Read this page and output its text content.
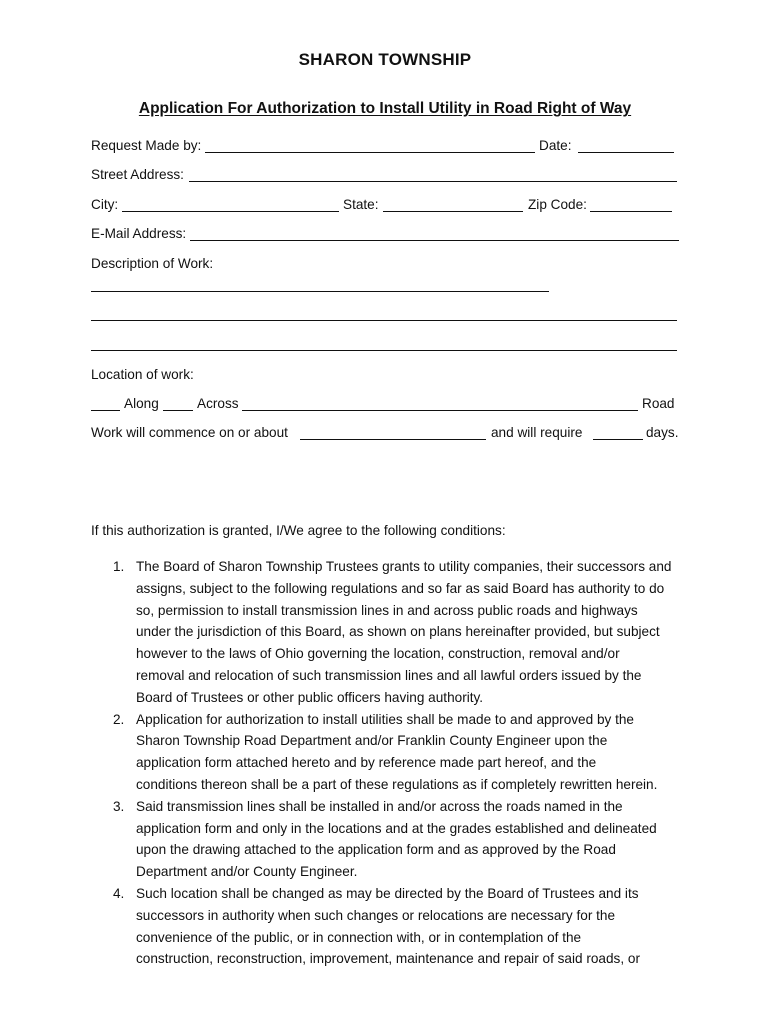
SHARON TOWNSHIP
Application For Authorization to Install Utility in Road Right of Way
Request Made by:	Date:
Street Address:
City:	State:	Zip Code:
E-Mail Address:
Description of Work:
Location of work:
Along	Across	Road
Work will commence on or about	and will require	days.
If this authorization is granted, I/We agree to the following conditions:
1. The Board of Sharon Township Trustees grants to utility companies, their successors and
assigns, subject to the following regulations and so far as said Board has authority to do
so, permission to install transmission lines in and across public roads and highways
under the jurisdiction of this Board, as shown on plans hereinafter provided, but subject
however to the laws of Ohio governing the location, construction, removal and/or
removal and relocation of such transmission lines and all lawful orders issued by the
Board of Trustees or other public officers having authority.
2. Application for authorization to install utilities shall be made to and approved by the
Sharon Township Road Department and/or Franklin County Engineer upon the
application form attached hereto and by reference made part hereof, and the
conditions thereon shall be a part of these regulations as if completely rewritten herein.
3. Said transmission lines shall be installed in and/or across the roads named in the
application form and only in the locations and at the grades established and delineated
upon the drawing attached to the application form and as approved by the Road
Department and/or County Engineer.
4. Such location shall be changed as may be directed by the Board of Trustees and its
successors in authority when such changes or relocations are necessary for the
convenience of the public, or in connection with, or in contemplation of the
construction, reconstruction, improvement, maintenance and repair of said roads, or
